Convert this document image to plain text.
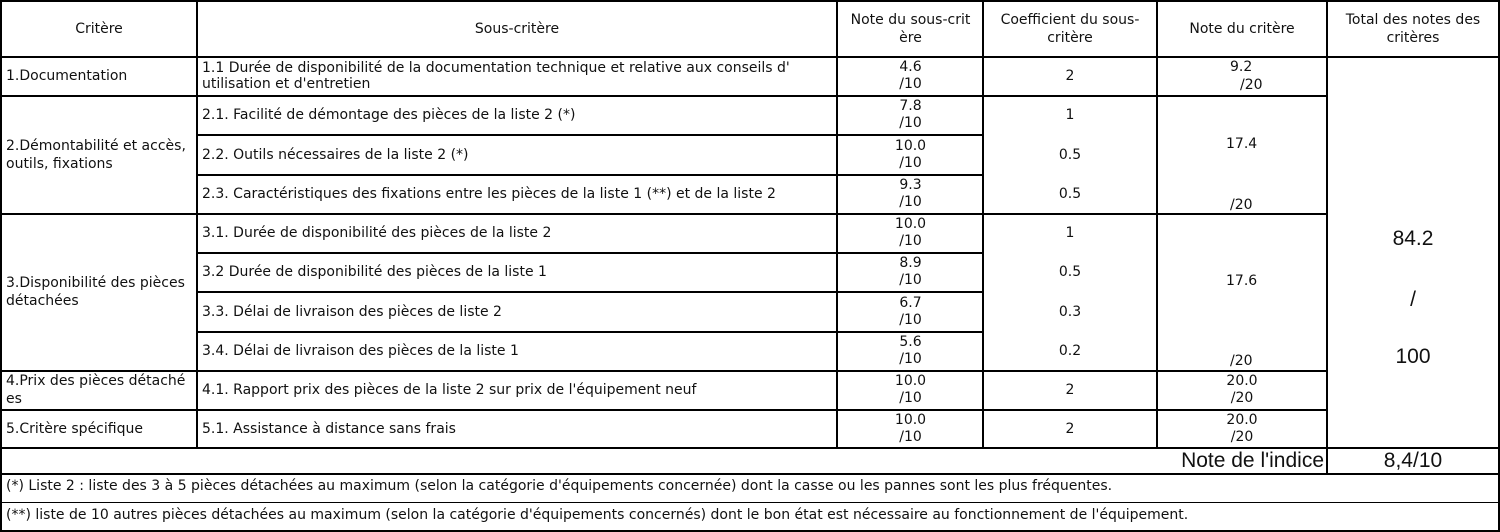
Critère	Sous-critère
Note du sous-crit ère
Coefficient du sous-critère
Note du critère
Total des notes des critères
1.Documentation
2.Démontabilité et accès, outils, fixations
3.Disponibilité des pièces détachées
4.Prix des pièces détaché es
5.Critère spécifique
1.1 Durée de disponibilité de la documentation technique et relative aux conseils d' utilisation et d'entretien
2.1. Facilité de démontage des pièces de la liste 2 (*)
2.2. Outils nécessaires de la liste 2 (*)
2.3. Caractéristiques des fixations entre les pièces de la liste 1 (**) et de la liste 2
3.1. Durée de disponibilité des pièces de la liste 2
3.2 Durée de disponibilité des pièces de la liste 1
3.3. Délai de livraison des pièces de liste 2
3.4. Délai de livraison des pièces de la liste 1
4.1. Rapport prix des pièces de la liste 2 sur prix de l'équipement neuf
5.1. Assistance à distance sans frais
4.6
/10
7.8
/10
10.0
/10
9.3
/10
10.0
/10
8.9
/10
6.7
/10
5.6
/10
10.0
/10
10.0
/10
2
1
0.5
0.5
1
0.5
0.3
0.2
2
2
9.2
/20
17.4
/20
17.6
/20
20.0
/20
20.0
/20
84.2
/
100
Note de l'indice	8,4/10
(*) Liste 2 : liste des 3 à 5 pièces détachées au maximum (selon la catégorie d'équipements concernée) dont la casse ou les pannes sont les plus fréquentes.
(**) liste de 10 autres pièces détachées au maximum (selon la catégorie d'équipements concernés) dont le bon état est nécessaire au fonctionnement de l'équipement.
